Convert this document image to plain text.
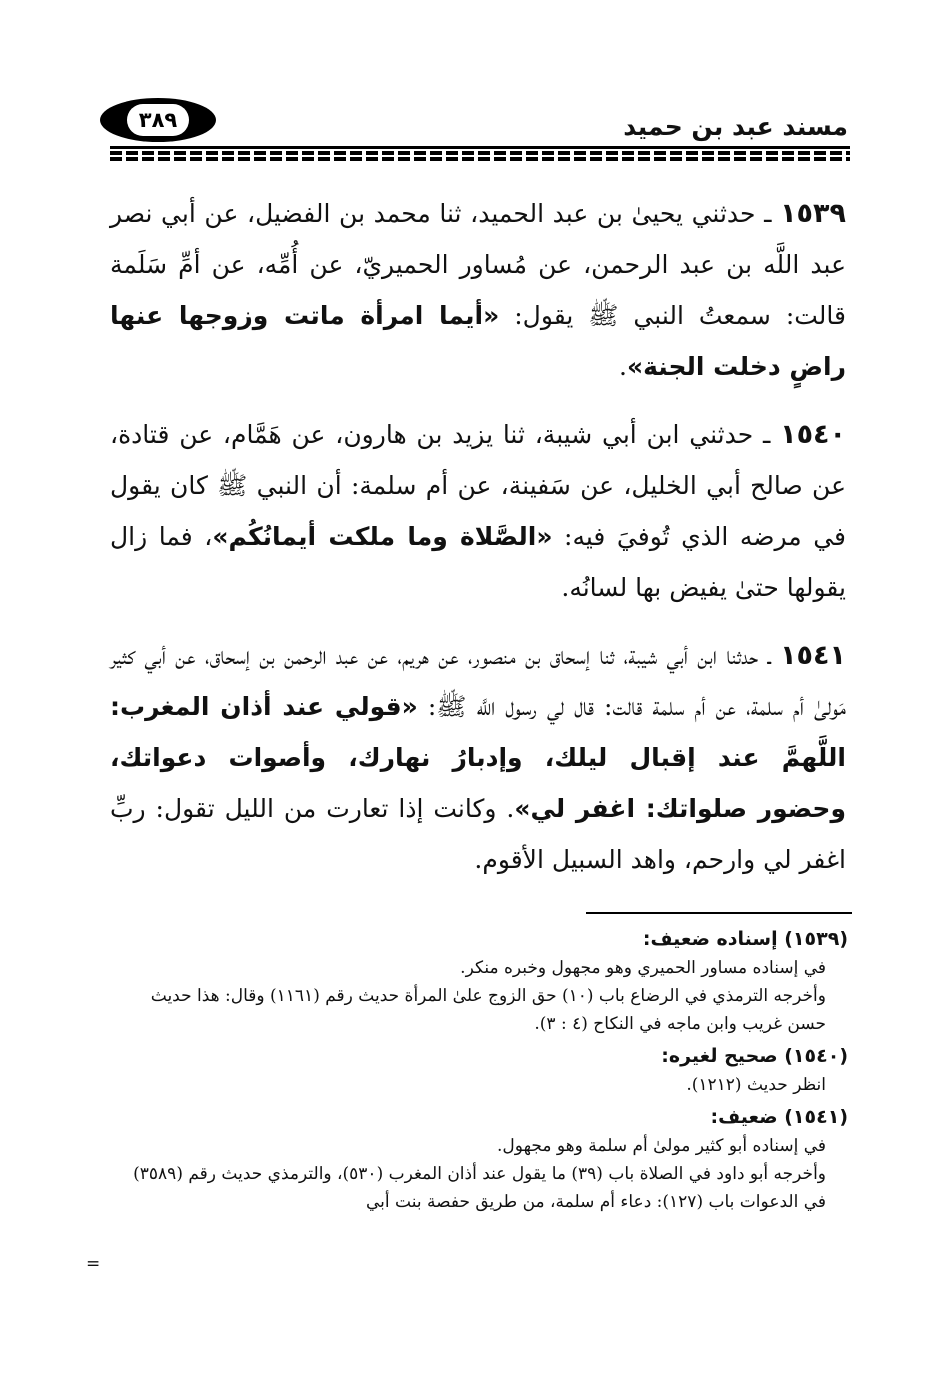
٣٨٩	مسند عبد بن حميد

١٥٣٩ ـ حدثني يحيىٰ بن عبد الحميد، ثنا محمد بن الفضيل، عن أبي نصر عبد اللَّه بن عبد الرحمن، عن مُساور الحميريّ، عن أُمِّه، عن أمِّ سَلَمة قالت: سمعتُ النبي ﷺ يقول: «أيما امرأة ماتت وزوجها عنها راضٍ دخلت الجنة».

١٥٤٠ ـ حدثني ابن أبي شيبة، ثنا يزيد بن هارون، عن هَمَّام، عن قتادة، عن صالح أبي الخليل، عن سَفينة، عن أم سلمة: أن النبي ﷺ كان يقول في مرضه الذي تُوفيَ فيه: «الصَّلاة وما ملكت أيمانُكُم»، فما زال يقولها حتىٰ يفيض بها لسانُه.

١٥٤١ ـ حدثنا ابن أبي شيبة، ثنا إسحاق بن منصور، عن هريم، عن عبد الرحمن بن إسحاق، عن أبي كثير مَولىٰ أم سلمة، عن أم سلمة قالت: قال لي رسول اللَّه ﷺ: «قولي عند أذان المغرب: اللَّهمَّ عند إقبال ليلك، وإدبارُ نهارك، وأصوات دعواتك، وحضور صلواتك: اغفر لي». وكانت إذا تعارت من الليل تقول: ربِّ اغفر لي وارحم، واهد السبيل الأقوم.

(١٥٣٩) إسناده ضعيف:

في إسناده مساور الحميري وهو مجهول وخبره منكر.

وأخرجه الترمذي في الرضاع باب (١٠) حق الزوج علىٰ المرأة حديث رقم (١١٦١) وقال: هذا حديث حسن غريب وابن ماجه في النكاح (٤ : ٣).

(١٥٤٠) صحيح لغيره:

انظر حديث (١٢١٢).

(١٥٤١) ضعيف:

في إسناده أبو كثير مولىٰ أم سلمة وهو مجهول.

وأخرجه أبو داود في الصلاة باب (٣٩) ما يقول عند أذان المغرب (٥٣٠)، والترمذي حديث رقم (٣٥٨٩) في الدعوات باب (١٢٧): دعاء أم سلمة، من طريق حفصة بنت أبي

=
